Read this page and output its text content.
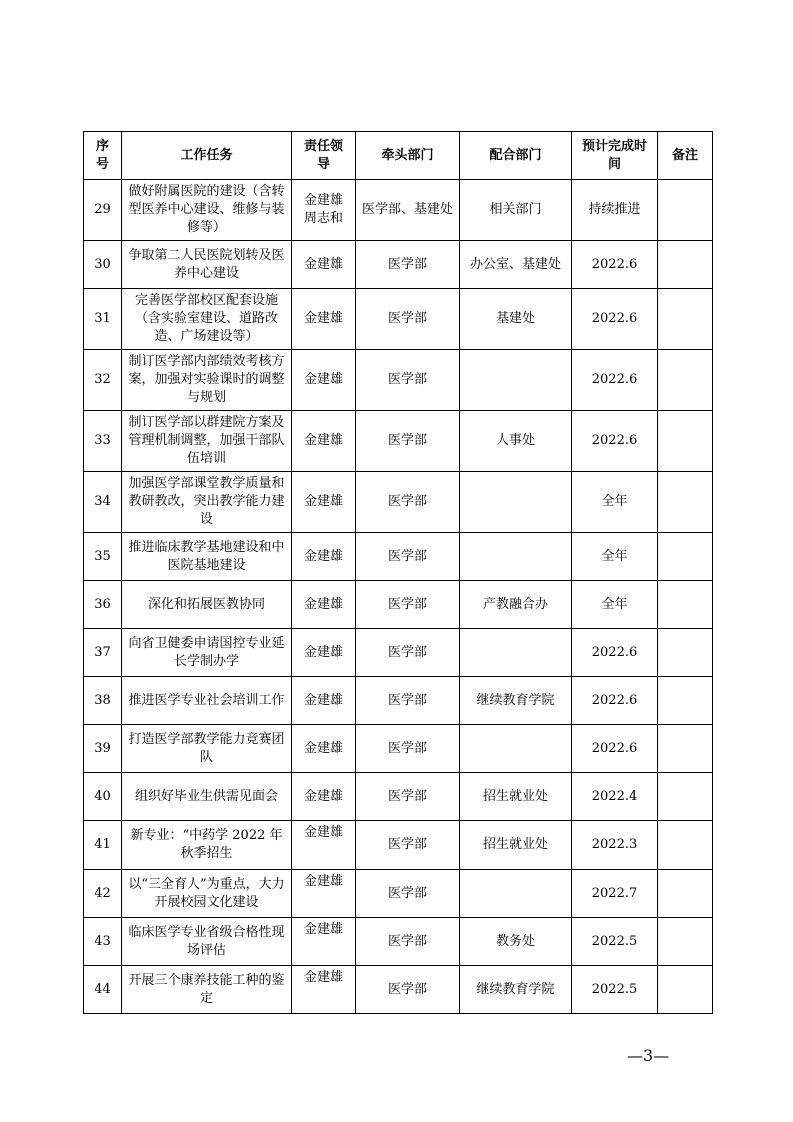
序号	工作任务	责任领导	牵头部门	配合部门	预计完成时间	备注
29	做好附属医院的建设（含转型医养中心建设、维修与装修等）	金建雄 周志和	医学部、基建处	相关部门	持续推进	
30	争取第二人民医院划转及医养中心建设	金建雄	医学部	办公室、基建处	2022.6	
31	完善医学部校区配套设施（含实验室建设、道路改造、广场建设等）	金建雄	医学部	基建处	2022.6	
32	制订医学部内部绩效考核方案，加强对实验课时的调整与规划	金建雄	医学部		2022.6	
33	制订医学部以群建院方案及管理机制调整，加强干部队伍培训	金建雄	医学部	人事处	2022.6	
34	加强医学部课堂教学质量和教研教改，突出教学能力建设	金建雄	医学部		全年	
35	推进临床教学基地建设和中医院基地建设	金建雄	医学部		全年	
36	深化和拓展医教协同	金建雄	医学部	产教融合办	全年	
37	向省卫健委申请国控专业延长学制办学	金建雄	医学部		2022.6	
38	推进医学专业社会培训工作	金建雄	医学部	继续教育学院	2022.6	
39	打造医学部教学能力竞赛团队	金建雄	医学部		2022.6	
40	组织好毕业生供需见面会	金建雄	医学部	招生就业处	2022.4	
41	新专业：“中药学 2022 年秋季招生	金建雄	医学部	招生就业处	2022.3	
42	以“三全育人”为重点，大力开展校园文化建设	金建雄	医学部		2022.7	
43	临床医学专业省级合格性现场评估	金建雄	医学部	教务处	2022.5	
44	开展三个康养技能工种的鉴定	金建雄	医学部	继续教育学院	2022.5	
—3—
